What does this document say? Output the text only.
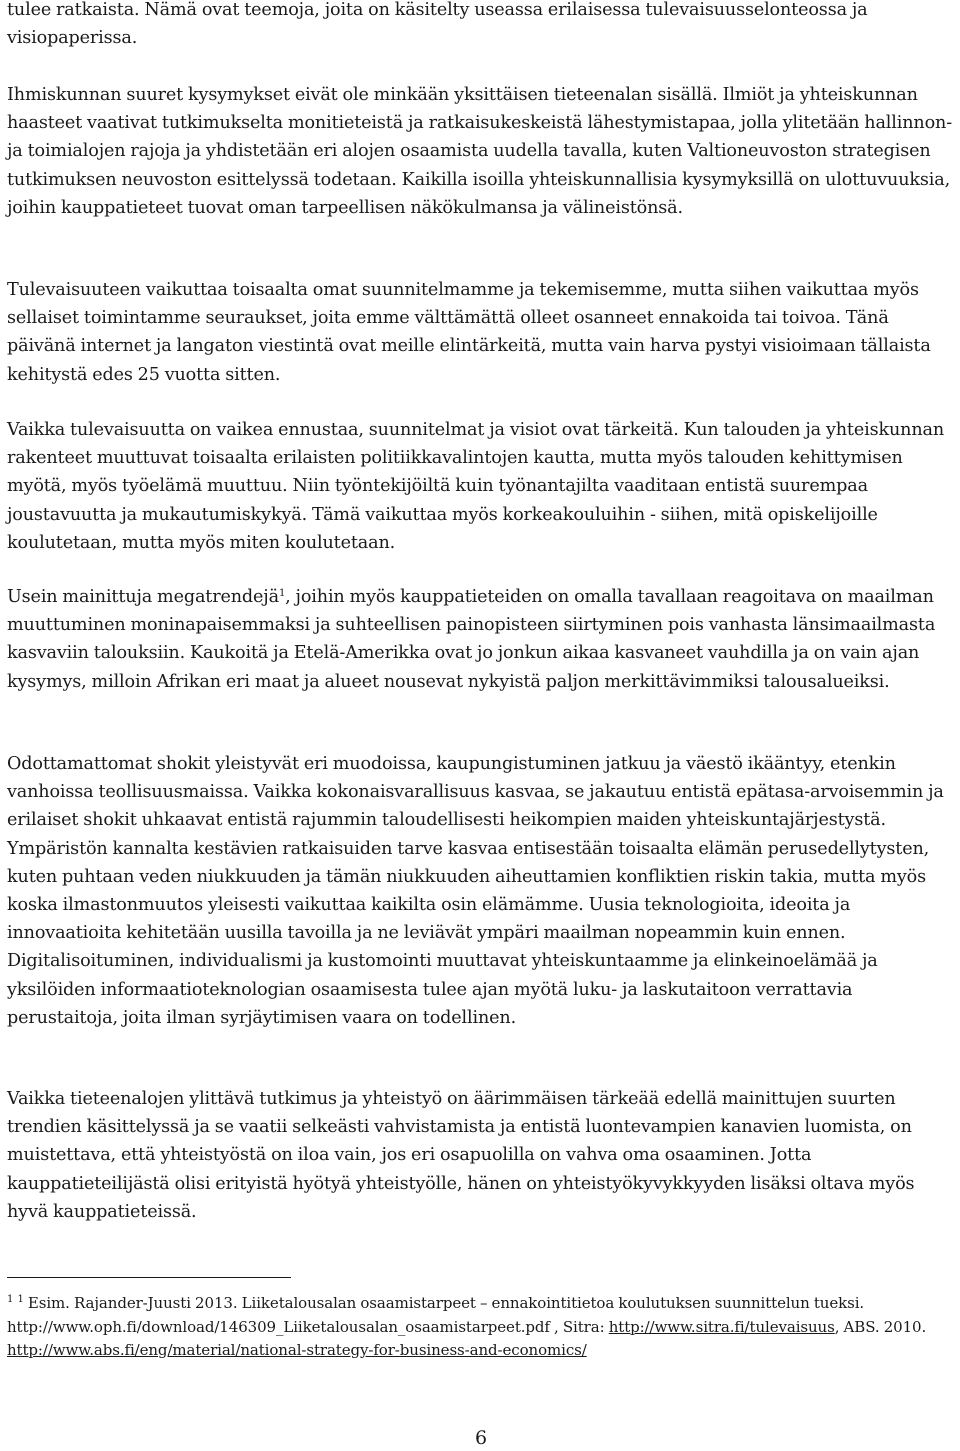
tulee ratkaista. Nämä ovat teemoja, joita on käsitelty useassa erilaisessa tulevaisuusselonteossa ja visiopaperissa.

Ihmiskunnan suuret kysymykset eivät ole minkään yksittäisen tieteenalan sisällä. Ilmiöt ja yhteiskunnan haasteet vaativat tutkimukselta monitieteistä ja ratkaisukeskeistä lähestymistapaa, jolla ylitetään hallinnon- ja toimialojen rajoja ja yhdistetään eri alojen osaamista uudella tavalla, kuten Valtioneuvoston strategisen tutkimuksen neuvoston esittelyssä todetaan. Kaikilla isoilla yhteiskunnallisia kysymyksillä on ulottuvuuksia, joihin kauppatieteet tuovat oman tarpeellisen näkökulmansa ja välineistönsä.

Tulevaisuuteen vaikuttaa toisaalta omat suunnitelmamme ja tekemisemme, mutta siihen vaikuttaa myös sellaiset toimintamme seuraukset, joita emme välttämättä olleet osanneet ennakoida tai toivoa. Tänä päivänä internet ja langaton viestintä ovat meille elintärkeitä, mutta vain harva pystyi visioimaan tällaista kehitystä edes 25 vuotta sitten.

Vaikka tulevaisuutta on vaikea ennustaa, suunnitelmat ja visiot ovat tärkeitä. Kun talouden ja yhteiskunnan rakenteet muuttuvat toisaalta erilaisten politiikkavalintojen kautta, mutta myös talouden kehittymisen myötä, myös työelämä muuttuu. Niin työntekijöiltä kuin työnantajilta vaaditaan entistä suurempaa joustavuutta ja mukautumiskykyä. Tämä vaikuttaa myös korkeakouluihin - siihen, mitä opiskelijoille koulutetaan, mutta myös miten koulutetaan.

Usein mainittuja megatrendejä$^1$, joihin myös kauppatieteiden on omalla tavallaan reagoitava on maailman muuttuminen moninapaisemmaksi ja suhteellisen painopisteen siirtyminen pois vanhasta länsimaailmasta kasvaviin talouksiin. Kaukoitä ja Etelä-Amerikka ovat jo jonkun aikaa kasvaneet vauhdilla ja on vain ajan kysymys, milloin Afrikan eri maat ja alueet nousevat nykyistä paljon merkittävimmiksi talousalueiksi.

Odottamattomat shokit yleistyvät eri muodoissa, kaupungistuminen jatkuu ja väestö ikääntyy, etenkin vanhoissa teollisuusmaissa. Vaikka kokonaisvarallisuus kasvaa, se jakautuu entistä epätasa-arvoisemmin ja erilaiset shokit uhkaavat entistä rajummin taloudellisesti heikompien maiden yhteiskuntajärjestystä. Ympäristön kannalta kestävien ratkaisuiden tarve kasvaa entisestään toisaalta elämän perusedellytysten, kuten puhtaan veden niukkuuden ja tämän niukkuuden aiheuttamien konfliktien riskin takia, mutta myös koska ilmastonmuutos yleisesti vaikuttaa kaikilta osin elämämme. Uusia teknologioita, ideoita ja innovaatioita kehitetään uusilla tavoilla ja ne leviävät ympäri maailman nopeammin kuin ennen. Digitalisoituminen, individualismi ja kustomointi muuttavat yhteiskuntaamme ja elinkeinoelämää ja yksilöiden informaatioteknologian osaamisesta tulee ajan myötä luku- ja laskutaitoon verrattavia perustaitoja, joita ilman syrjäytimisen vaara on todellinen.

Vaikka tieteenalojen ylittävä tutkimus ja yhteistyö on äärimmäisen tärkeää edellä mainittujen suurten trendien käsittelyssä ja se vaatii selkeästi vahvistamista ja entistä luontevampien kanavien luomista, on muistettava, että yhteistyöstä on iloa vain, jos eri osapuolilla on vahva oma osaaminen. Jotta kauppatieteilijästä olisi erityistä hyötyä yhteistyölle, hänen on yhteistyökyvykkyyden lisäksi oltava myös hyvä kauppatieteissä.

$^1$ $^1$ Esim. Rajander-Juusti 2013. Liiketalousalan osaamistarpeet – ennakointitietoa koulutuksen suunnittelun tueksi. http://www.oph.fi/download/146309_Liiketalousalan_osaamistarpeet.pdf , Sitra: http://www.sitra.fi/tulevaisuus, ABS. 2010. http://www.abs.fi/eng/material/national-strategy-for-business-and-economics/

6
